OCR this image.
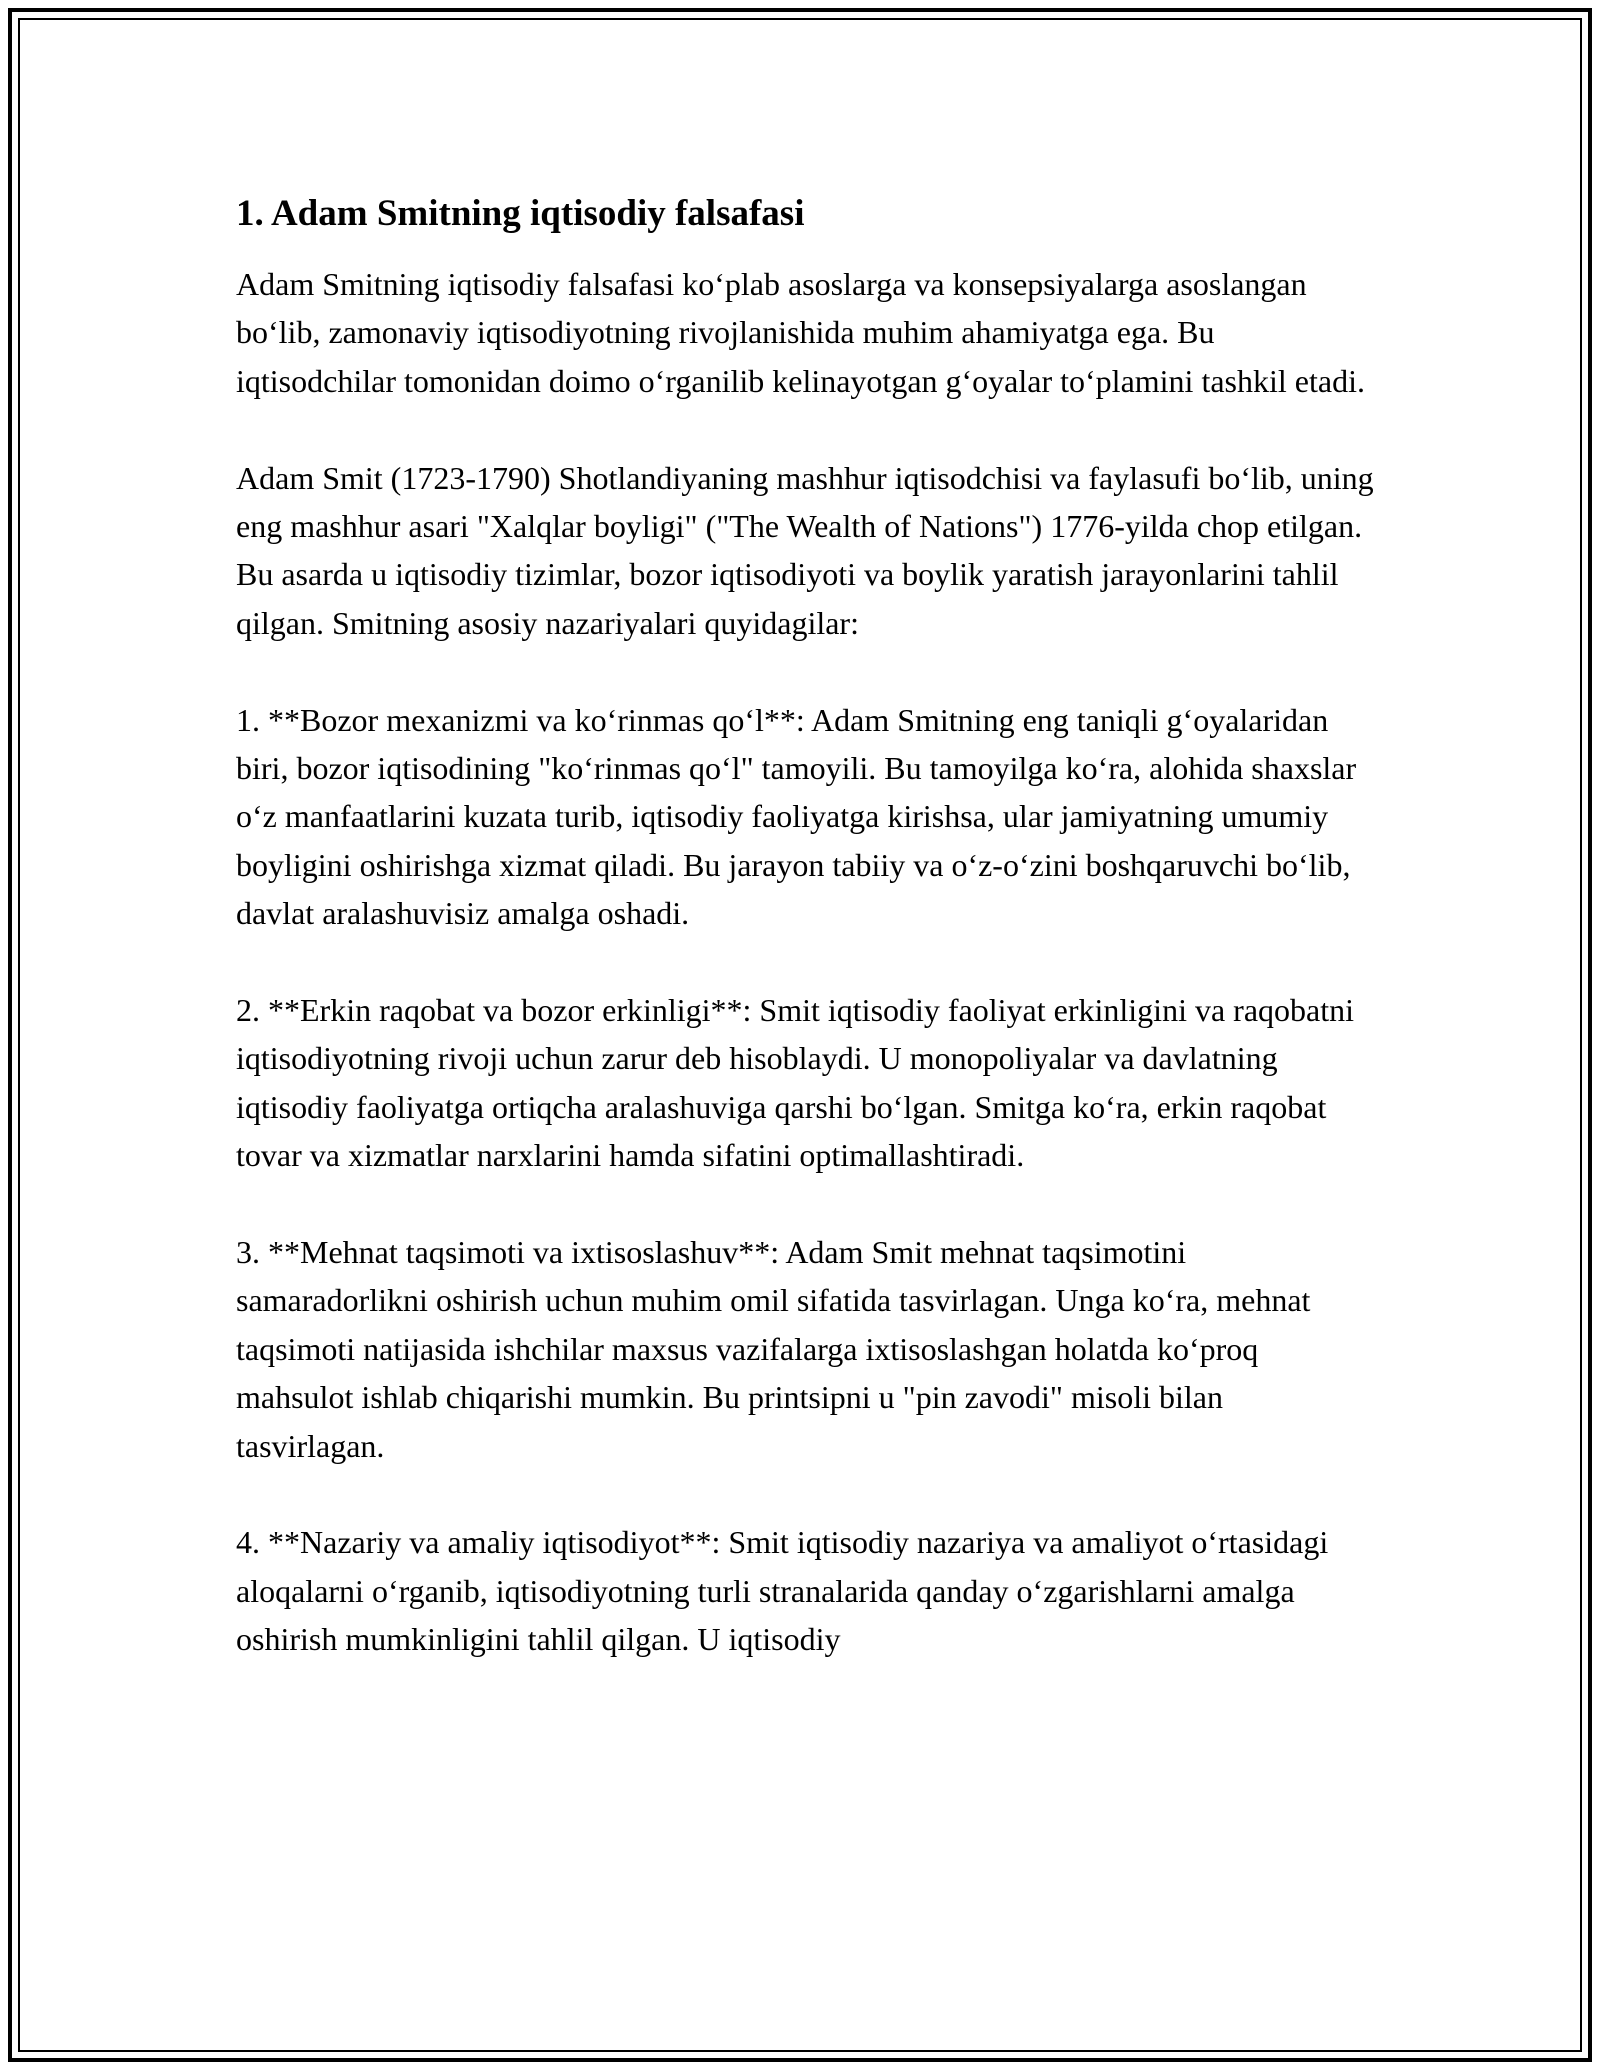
1. Adam Smitning iqtisodiy falsafasi

Adam Smitning iqtisodiy falsafasi ko‘plab asoslarga va konsepsiyalarga asoslangan bo‘lib, zamonaviy iqtisodiyotning rivojlanishida muhim ahamiyatga ega. Bu iqtisodchilar tomonidan doimo o‘rganilib kelinayotgan g‘oyalar to‘plamini tashkil etadi.

Adam Smit (1723-1790) Shotlandiyaning mashhur iqtisodchisi va faylasufi bo‘lib, uning eng mashhur asari "Xalqlar boyligi" ("The Wealth of Nations") 1776-yilda chop etilgan. Bu asarda u iqtisodiy tizimlar, bozor iqtisodiyoti va boylik yaratish jarayonlarini tahlil qilgan. Smitning asosiy nazariyalari quyidagilar:

1. **Bozor mexanizmi va ko‘rinmas qo‘l**: Adam Smitning eng taniqli g‘oyalaridan biri, bozor iqtisodining "ko‘rinmas qo‘l" tamoyili. Bu tamoyilga ko‘ra, alohida shaxslar o‘z manfaatlarini kuzata turib, iqtisodiy faoliyatga kirishsa, ular jamiyatning umumiy boyligini oshirishga xizmat qiladi. Bu jarayon tabiiy va o‘z-o‘zini boshqaruvchi bo‘lib, davlat aralashuvisiz amalga oshadi.

2. **Erkin raqobat va bozor erkinligi**: Smit iqtisodiy faoliyat erkinligini va raqobatni iqtisodiyotning rivoji uchun zarur deb hisoblaydi. U monopoliyalar va davlatning iqtisodiy faoliyatga ortiqcha aralashuviga qarshi bo‘lgan. Smitga ko‘ra, erkin raqobat tovar va xizmatlar narxlarini hamda sifatini optimallashtiradi.

3. **Mehnat taqsimoti va ixtisoslashuv**: Adam Smit mehnat taqsimotini samaradorlikni oshirish uchun muhim omil sifatida tasvirlagan. Unga ko‘ra, mehnat taqsimoti natijasida ishchilar maxsus vazifalarga ixtisoslashgan holatda ko‘proq mahsulot ishlab chiqarishi mumkin. Bu printsipni u "pin zavodi" misoli bilan tasvirlagan.

4. **Nazariy va amaliy iqtisodiyot**: Smit iqtisodiy nazariya va amaliyot o‘rtasidagi aloqalarni o‘rganib, iqtisodiyotning turli stranalarida qanday o‘zgarishlarni amalga oshirish mumkinligini tahlil qilgan. U iqtisodiy
